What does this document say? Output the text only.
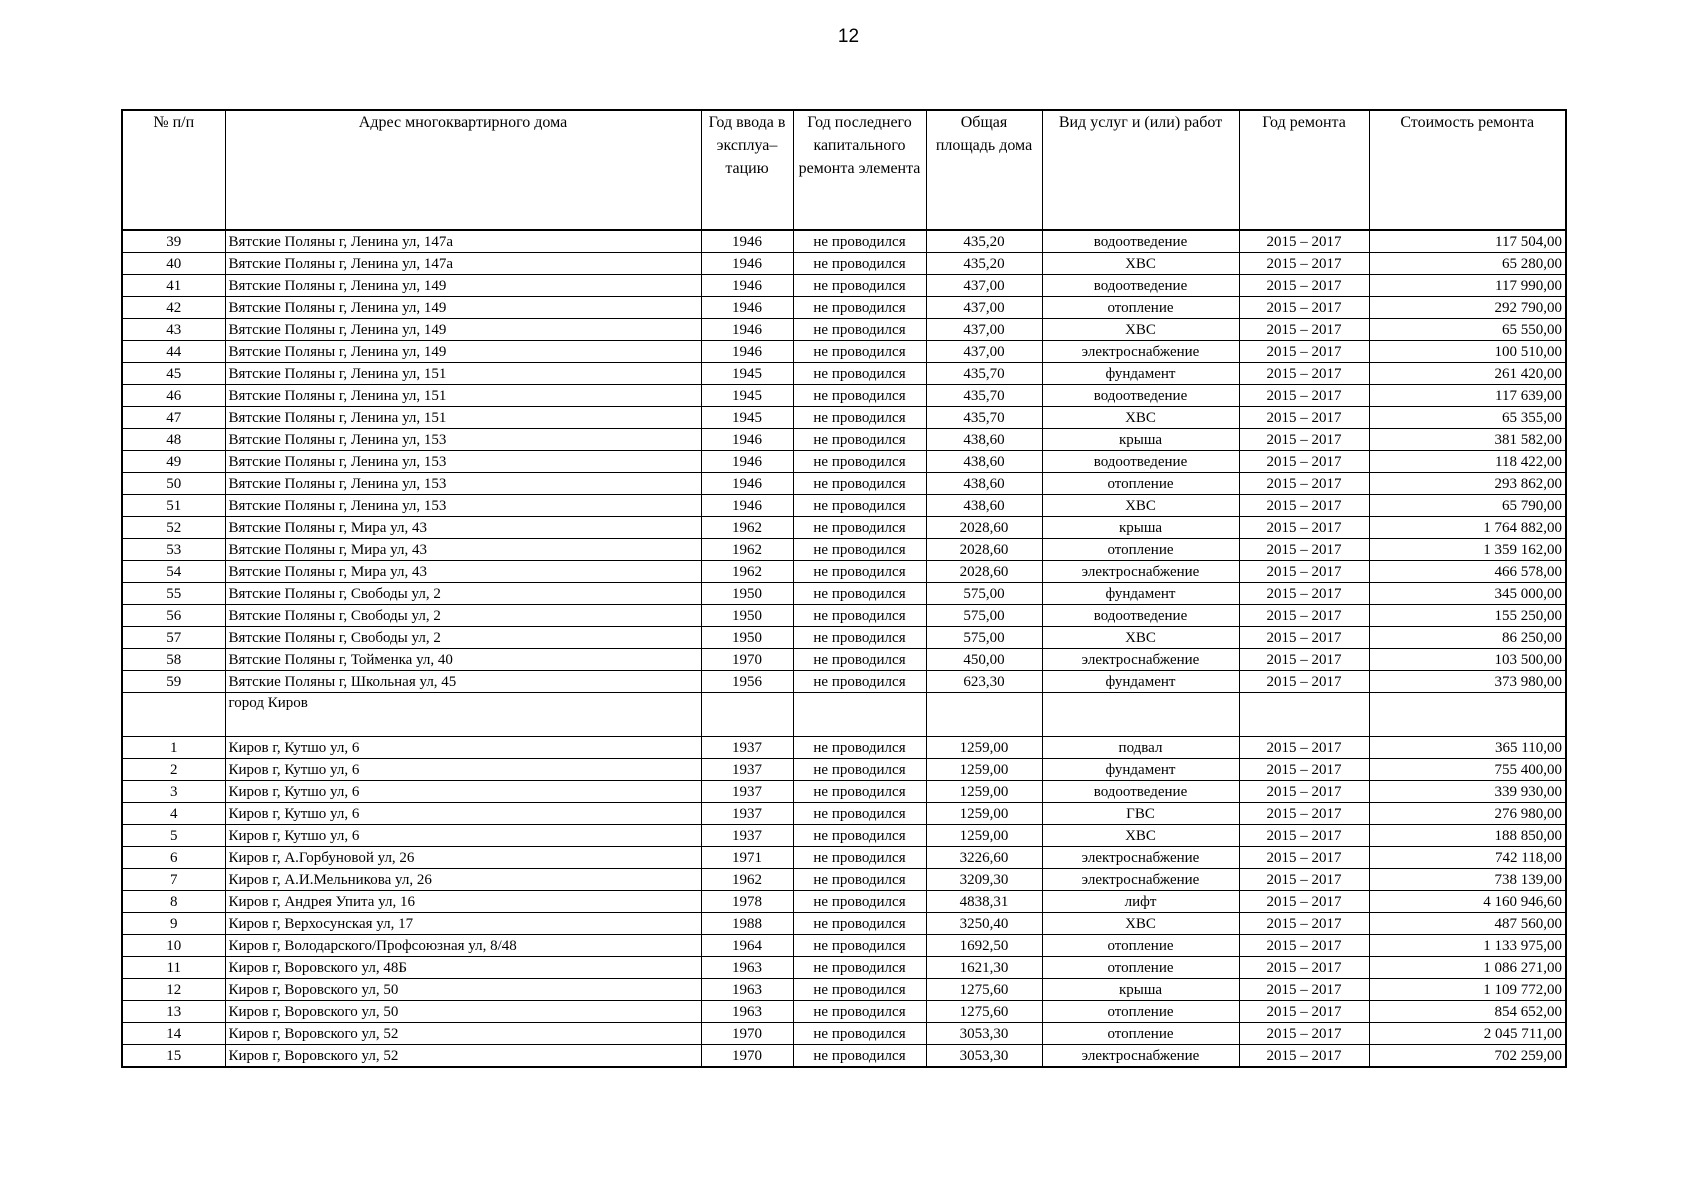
12
№ п/п	Адрес многоквартирного дома	Год ввода в эксплуа–тацию	Год последнего капитального ремонта элемента	Общая площадь дома	Вид услуг и (или) работ	Год ремонта	Стоимость ремонта
39	Вятские Поляны г, Ленина ул, 147а	1946	не проводился	435,20	водоотведение	2015 – 2017	117 504,00
40	Вятские Поляны г, Ленина ул, 147а	1946	не проводился	435,20	ХВС	2015 – 2017	65 280,00
41	Вятские Поляны г, Ленина ул, 149	1946	не проводился	437,00	водоотведение	2015 – 2017	117 990,00
42	Вятские Поляны г, Ленина ул, 149	1946	не проводился	437,00	отопление	2015 – 2017	292 790,00
43	Вятские Поляны г, Ленина ул, 149	1946	не проводился	437,00	ХВС	2015 – 2017	65 550,00
44	Вятские Поляны г, Ленина ул, 149	1946	не проводился	437,00	электроснабжение	2015 – 2017	100 510,00
45	Вятские Поляны г, Ленина ул, 151	1945	не проводился	435,70	фундамент	2015 – 2017	261 420,00
46	Вятские Поляны г, Ленина ул, 151	1945	не проводился	435,70	водоотведение	2015 – 2017	117 639,00
47	Вятские Поляны г, Ленина ул, 151	1945	не проводился	435,70	ХВС	2015 – 2017	65 355,00
48	Вятские Поляны г, Ленина ул, 153	1946	не проводился	438,60	крыша	2015 – 2017	381 582,00
49	Вятские Поляны г, Ленина ул, 153	1946	не проводился	438,60	водоотведение	2015 – 2017	118 422,00
50	Вятские Поляны г, Ленина ул, 153	1946	не проводился	438,60	отопление	2015 – 2017	293 862,00
51	Вятские Поляны г, Ленина ул, 153	1946	не проводился	438,60	ХВС	2015 – 2017	65 790,00
52	Вятские Поляны г, Мира ул, 43	1962	не проводился	2028,60	крыша	2015 – 2017	1 764 882,00
53	Вятские Поляны г, Мира ул, 43	1962	не проводился	2028,60	отопление	2015 – 2017	1 359 162,00
54	Вятские Поляны г, Мира ул, 43	1962	не проводился	2028,60	электроснабжение	2015 – 2017	466 578,00
55	Вятские Поляны г, Свободы ул, 2	1950	не проводился	575,00	фундамент	2015 – 2017	345 000,00
56	Вятские Поляны г, Свободы ул, 2	1950	не проводился	575,00	водоотведение	2015 – 2017	155 250,00
57	Вятские Поляны г, Свободы ул, 2	1950	не проводился	575,00	ХВС	2015 – 2017	86 250,00
58	Вятские Поляны г, Тойменка ул, 40	1970	не проводился	450,00	электроснабжение	2015 – 2017	103 500,00
59	Вятские Поляны г, Школьная ул, 45	1956	не проводился	623,30	фундамент	2015 – 2017	373 980,00
	город Киров						
1	Киров г, Кутшо ул, 6	1937	не проводился	1259,00	подвал	2015 – 2017	365 110,00
2	Киров г, Кутшо ул, 6	1937	не проводился	1259,00	фундамент	2015 – 2017	755 400,00
3	Киров г, Кутшо ул, 6	1937	не проводился	1259,00	водоотведение	2015 – 2017	339 930,00
4	Киров г, Кутшо ул, 6	1937	не проводился	1259,00	ГВС	2015 – 2017	276 980,00
5	Киров г, Кутшо ул, 6	1937	не проводился	1259,00	ХВС	2015 – 2017	188 850,00
6	Киров г, А.Горбуновой ул, 26	1971	не проводился	3226,60	электроснабжение	2015 – 2017	742 118,00
7	Киров г, А.И.Мельникова ул, 26	1962	не проводился	3209,30	электроснабжение	2015 – 2017	738 139,00
8	Киров г, Андрея Упита ул, 16	1978	не проводился	4838,31	лифт	2015 – 2017	4 160 946,60
9	Киров г, Верхосунская ул, 17	1988	не проводился	3250,40	ХВС	2015 – 2017	487 560,00
10	Киров г, Володарского/Профсоюзная ул, 8/48	1964	не проводился	1692,50	отопление	2015 – 2017	1 133 975,00
11	Киров г, Воровского ул, 48Б	1963	не проводился	1621,30	отопление	2015 – 2017	1 086 271,00
12	Киров г, Воровского ул, 50	1963	не проводился	1275,60	крыша	2015 – 2017	1 109 772,00
13	Киров г, Воровского ул, 50	1963	не проводился	1275,60	отопление	2015 – 2017	854 652,00
14	Киров г, Воровского ул, 52	1970	не проводился	3053,30	отопление	2015 – 2017	2 045 711,00
15	Киров г, Воровского ул, 52	1970	не проводился	3053,30	электроснабжение	2015 – 2017	702 259,00
